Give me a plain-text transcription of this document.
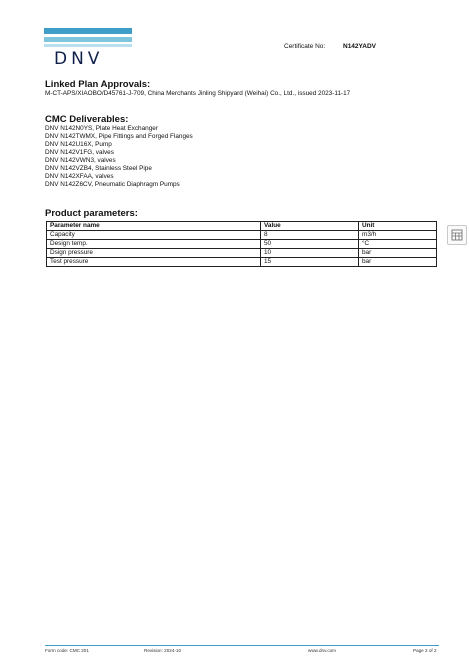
DNV
Certificate No:	N142YADV
Linked Plan Approvals:
M-CT-APS/XIAOBO/D45761-J-709, China Merchants Jinling Shipyard (Weihai) Co., Ltd., issued 2023-11-17
CMC Deliverables:
DNV N142N0YS, Plate Heat Exchanger
DNV N142TWMX, Pipe Fittings and Forged Flanges
DNV N142U16X, Pump
DNV N142V1FG, valves
DNV N142VWN3, valves
DNV N142VZB4, Stainless Steel Pipe
DNV N142XFAA, valves
DNV N142Z6CV, Pneumatic Diaphragm Pumps
Product parameters:
Parameter name	Value	Unit
Capacity	8	m3/h
Design temp.	50	°C
Dsign pressure	10	bar
Test pressure	15	bar
Form code: CMC 201	Revision: 2024-10	www.dnv.com	Page 2 of 2
